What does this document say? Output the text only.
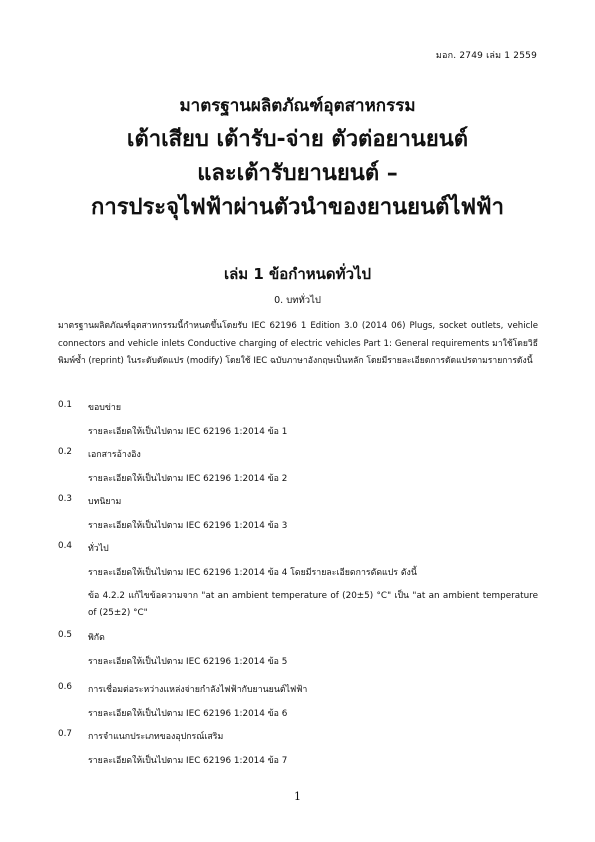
มอก. 2749 เล่ม 1 2559
มาตรฐานผลิตภัณฑ์อุตสาหกรรม
เต้าเสียบ เต้ารับ-จ่าย ตัวต่อยานยนต์
และเต้ารับยานยนต์ –
การประจุไฟฟ้าผ่านตัวนำของยานยนต์ไฟฟ้า
เล่ม 1 ข้อกำหนดทั่วไป
0. บททั่วไป
มาตรฐานผลิตภัณฑ์อุตสาหกรรมนี้กำหนดขึ้นโดยรับ IEC 62196 1 Edition 3.0 (2014 06) Plugs, socket outlets, vehicle connectors and vehicle inlets Conductive charging of electric vehicles Part 1: General requirements มาใช้โดยวิธีพิมพ์ซ้ำ (reprint) ในระดับดัดแปร (modify) โดยใช้ IEC ฉบับภาษาอังกฤษเป็นหลัก โดยมีรายละเอียดการดัดแปรตามรายการดังนี้
0.1	ขอบข่าย
รายละเอียดให้เป็นไปตาม IEC 62196 1:2014 ข้อ 1
0.2	เอกสารอ้างอิง
รายละเอียดให้เป็นไปตาม IEC 62196 1:2014 ข้อ 2
0.3	บทนิยาม
รายละเอียดให้เป็นไปตาม IEC 62196 1:2014 ข้อ 3
0.4	ทั่วไป
รายละเอียดให้เป็นไปตาม IEC 62196 1:2014 ข้อ 4 โดยมีรายละเอียดการดัดแปร ดังนี้
ข้อ 4.2.2 แก้ไขข้อความจาก "at an ambient temperature of (20±5) °C" เป็น "at an ambient temperature of (25±2) °C"
0.5	พิกัด
รายละเอียดให้เป็นไปตาม IEC 62196 1:2014 ข้อ 5
0.6	การเชื่อมต่อระหว่างแหล่งจ่ายกำลังไฟฟ้ากับยานยนต์ไฟฟ้า
รายละเอียดให้เป็นไปตาม IEC 62196 1:2014 ข้อ 6
0.7	การจำแนกประเภทของอุปกรณ์เสริม
รายละเอียดให้เป็นไปตาม IEC 62196 1:2014 ข้อ 7
1
